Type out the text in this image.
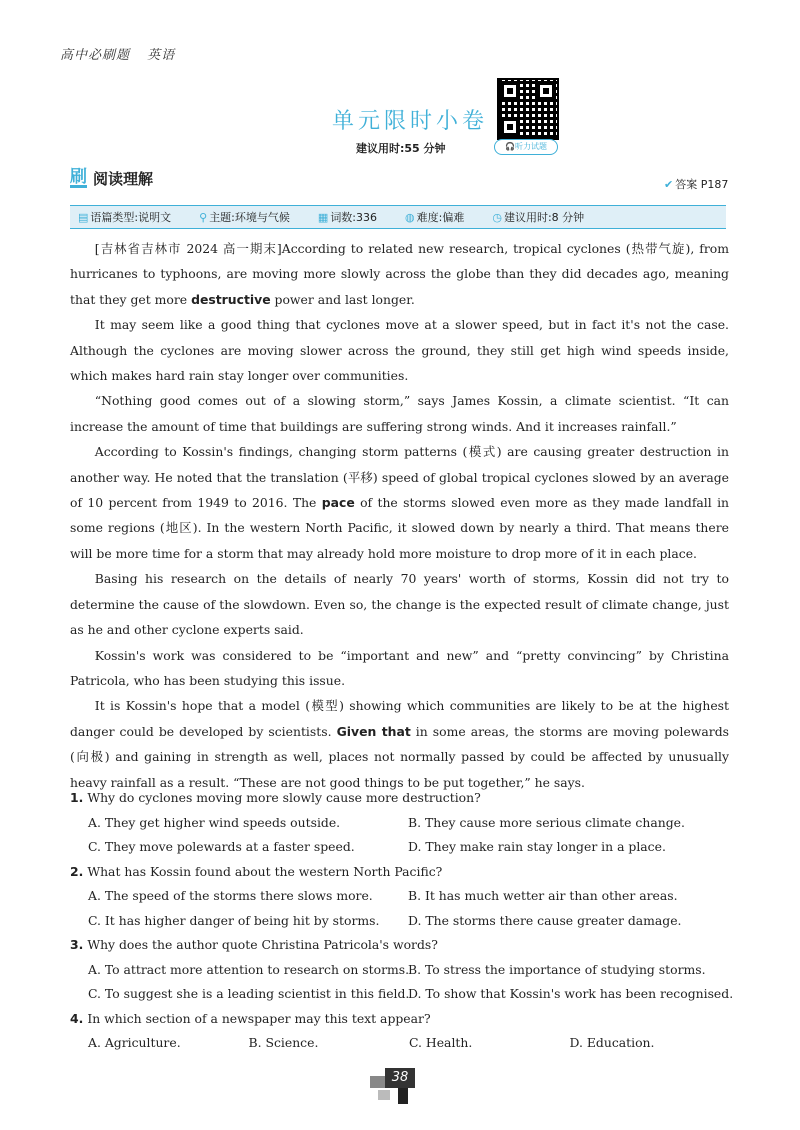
高中必刷题 英语
单元限时小卷
建议用时:55 分钟	🎧听力试题
刷 阅读理解	✔ 答案 P187
▤ 语篇类型:说明文	⚲ 主题:环境与气候	▦ 词数:336	◍ 难度:偏难	◷ 建议用时:8 分钟

[吉林省吉林市 2024 高一期末]According to related new research, tropical cyclones (热带气旋), from hurricanes to typhoons, are moving more slowly across the globe than they did decades ago, meaning that they get more destructive power and last longer.

It may seem like a good thing that cyclones move at a slower speed, but in fact it's not the case. Although the cyclones are moving slower across the ground, they still get high wind speeds inside, which makes hard rain stay longer over communities.

“Nothing good comes out of a slowing storm,” says James Kossin, a climate scientist. “It can increase the amount of time that buildings are suffering strong winds. And it increases rainfall.”

According to Kossin's findings, changing storm patterns (模式) are causing greater destruction in another way. He noted that the translation (平移) speed of global tropical cyclones slowed by an average of 10 percent from 1949 to 2016. The pace of the storms slowed even more as they made landfall in some regions (地区). In the western North Pacific, it slowed down by nearly a third. That means there will be more time for a storm that may already hold more moisture to drop more of it in each place.

Basing his research on the details of nearly 70 years' worth of storms, Kossin did not try to determine the cause of the slowdown. Even so, the change is the expected result of climate change, just as he and other cyclone experts said.

Kossin's work was considered to be “important and new” and “pretty convincing” by Christina Patricola, who has been studying this issue.

It is Kossin's hope that a model (模型) showing which communities are likely to be at the highest danger could be developed by scientists. Given that in some areas, the storms are moving polewards (向极) and gaining in strength as well, places not normally passed by could be affected by unusually heavy rainfall as a result. “These are not good things to be put together,” he says.

1. Why do cyclones moving more slowly cause more destruction?

A. They get higher wind speeds outside.	B. They cause more serious climate change.
C. They move polewards at a faster speed.	D. They make rain stay longer in a place.

2. What has Kossin found about the western North Pacific?

A. The speed of the storms there slows more.	B. It has much wetter air than other areas.
C. It has higher danger of being hit by storms.	D. The storms there cause greater damage.

3. Why does the author quote Christina Patricola's words?

A. To attract more attention to research on storms.
B. To stress the importance of studying storms.
C. To suggest she is a leading scientist in this field.
D. To show that Kossin's work has been recognised.

4. In which section of a newspaper may this text appear?

A. Agriculture.	B. Science.	C. Health.	D. Education.
38
